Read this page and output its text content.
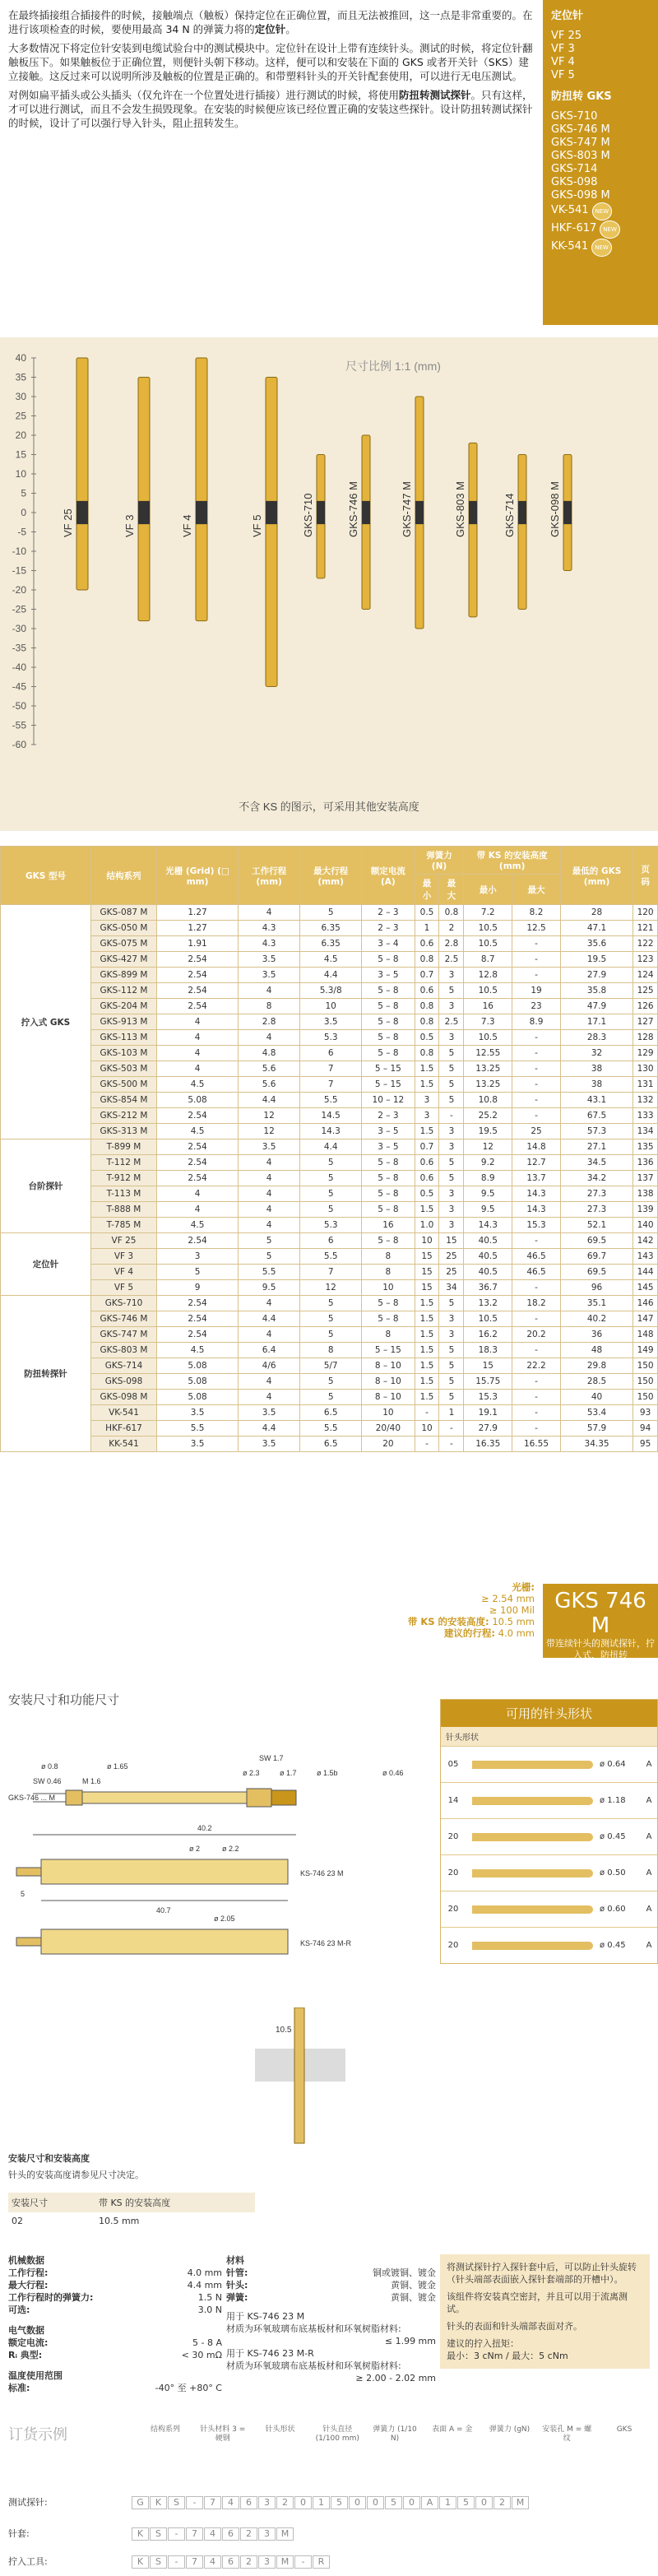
在最终插接组合插接件的时候，接触端点（触板）保持定位在正确位置，而且无法被推回，这一点是非常重要的。在进行该项检查的时候，要使用最高 34 N 的弹簧力将的定位针。

大多数情况下将定位针安装到电缆试验台中的测试模块中。定位针在设计上带有连续针头。测试的时候，将定位针翻触板压下。如果触板位于正确位置，则便针头朝下移动。这样，便可以和安装在下面的 GKS 或者开关针（SKS）建立接触。这反过来可以说明所涉及触板的位置是正确的。和带塑料针头的开关针配套使用，可以进行无电压测试。

对例如扁平插头或公头插头（仅允许在一个位置处进行插接）进行测试的时候，将使用防扭转测试探针。只有这样，才可以进行测试，而且不会发生损毁现象。在安装的时候便应该已经位置正确的安装这些探针。设计防扭转测试探针的时候，设计了可以强行导入针头，阻止扭转发生。

定位针
VF 25
VF 3
VF 4
VF 5
防扭转 GKS
GKS-710
GKS-746 M
GKS-747 M
GKS-803 M
GKS-714
GKS-098
GKS-098 M
VK-541 NEW
HKF-617 NEW
KK-541 NEW
尺寸比例 1:1 (mm)
40
35
30
25
20
15
10
5
0
-5
-10
-15
-20
-25
-30
-35
-40
-45
-50
-55
-60
VF 25	VF 3	VF 4	VF 5	GKS-710	GKS-746 M	GKS-747 M	GKS-803 M	GKS-714	GKS-098 M
不含 KS 的图示，可采用其他安装高度
GKS 型号	结构系列	光栅 (Grid) (□ mm)	工作行程 (mm)	最大行程 (mm)	额定电流 (A)	弹簧力 (N)		带 KS 的安装高度 (mm)		最低的 GKS (mm)	页码
						最小	最大	最小	最大		
拧入式 GKS	GKS-087 M	1.27	4	5	2 – 3	0.5	0.8	7.2	8.2	28	120
	GKS-050 M	1.27	4.3	6.35	2 – 3	1	2	10.5	12.5	47.1	121
	GKS-075 M	1.91	4.3	6.35	3 – 4	0.6	2.8	10.5	-	35.6	122
	GKS-427 M	2.54	3.5	4.5	5 – 8	0.8	2.5	8.7	-	19.5	123
	GKS-899 M	2.54	3.5	4.4	3 – 5	0.7	3	12.8	-	27.9	124
	GKS-112 M	2.54	4	5.3/8	5 – 8	0.6	5	10.5	19	35.8	125
	GKS-204 M	2.54	8	10	5 – 8	0.8	3	16	23	47.9	126
	GKS-913 M	4	2.8	3.5	5 – 8	0.8	2.5	7.3	8.9	17.1	127
	GKS-113 M	4	4	5.3	5 – 8	0.5	3	10.5	-	28.3	128
	GKS-103 M	4	4.8	6	5 – 8	0.8	5	12.55	-	32	129
	GKS-503 M	4	5.6	7	5 – 15	1.5	5	13.25	-	38	130
	GKS-500 M	4.5	5.6	7	5 – 15	1.5	5	13.25	-	38	131
	GKS-854 M	5.08	4.4	5.5	10 – 12	3	5	10.8	-	43.1	132
	GKS-212 M	2.54	12	14.5	2 – 3	3	-	25.2	-	67.5	133
	GKS-313 M	4.5	12	14.3	3 – 5	1.5	3	19.5	25	57.3	134
台阶探针	T-899 M	2.54	3.5	4.4	3 – 5	0.7	3	12	14.8	27.1	135
	T-112 M	2.54	4	5	5 – 8	0.6	5	9.2	12.7	34.5	136
	T-912 M	2.54	4	5	5 – 8	0.6	5	8.9	13.7	34.2	137
	T-113 M	4	4	5	5 – 8	0.5	3	9.5	14.3	27.3	138
	T-888 M	4	4	5	5 – 8	1.5	3	9.5	14.3	27.3	139
	T-785 M	4.5	4	5.3	16	1.0	3	14.3	15.3	52.1	140
定位针	VF 25	2.54	5	6	5 – 8	10	15	40.5	-	69.5	142
	VF 3	3	5	5.5	8	15	25	40.5	46.5	69.7	143
	VF 4	5	5.5	7	8	15	25	40.5	46.5	69.5	144
	VF 5	9	9.5	12	10	15	34	36.7	-	96	145
防扭转探针	GKS-710	2.54	4	5	5 – 8	1.5	5	13.2	18.2	35.1	146
	GKS-746 M	2.54	4.4	5	5 – 8	1.5	3	10.5	-	40.2	147
	GKS-747 M	2.54	4	5	8	1.5	3	16.2	20.2	36	148
	GKS-803 M	4.5	6.4	8	5 – 15	1.5	5	18.3	-	48	149
	GKS-714	5.08	4/6	5/7	8 – 10	1.5	5	15	22.2	29.8	150
	GKS-098	5.08	4	5	8 – 10	1.5	5	15.75	-	28.5	150
	GKS-098 M	5.08	4	5	8 – 10	1.5	5	15.3	-	40	150
	VK-541	3.5	3.5	6.5	10	-	1	19.1	-	53.4	93
	HKF-617	5.5	4.4	5.5	20/40	10	-	27.9	-	57.9	94
	KK-541	3.5	3.5	6.5	20	-	-	16.35	16.55	34.35	95
GKS 746 M
带连续针头的测试探针，拧入式，防扭转
光栅:
≥ 2.54 mm
≥ 100 Mil
带 KS 的安装高度: 10.5 mm
建议的行程: 4.0 mm
安装尺寸和功能尺寸
ø 0.8	ø 1.65
SW 1.7
ø 2.3	ø 1.7	ø 1.5b	ø 0.46
M 1.6
SW 0.46
GKS-746 ... M
40.2
ø 2	ø 2.2
5
40.7
KS-746 23 M
ø 2.05
KS-746 23 M-R
可用的针头形状
针头形状
05	ø 0.64	A
14	ø 1.18	A
20	ø 0.45	A
20	ø 0.50	A
20	ø 0.60	A
20	ø 0.45	A
10.5
安装尺寸和安装高度
针头的安装高度请参见尺寸决定。
安装尺寸	带 KS 的安装高度
02	10.5 mm
机械数据
工作行程:	4.0 mm
最大行程:	4.4 mm
工作行程时的弹簧力:	1.5 N
可选:	3.0 N
电气数据
额定电流:	5 - 8 A
Rᵢ 典型:	< 30 mΩ
温度使用范围
标准:	-40° 至 +80° C
材料
针管:	铜或镀铜、镀金
针头:	黄铜、镀金
弹簧:	黄铜、镀金
用于 KS-746 23 M
材质为环氧玻璃布底基板材和环氧树脂材料:
≤ 1.99 mm
用于 KS-746 23 M-R
材质为环氧玻璃布底基板材和环氧树脂材料:
≥ 2.00 - 2.02 mm
将测试探针拧入探针套中后，可以防止针头旋转（针头端部表面嵌入探针套端部的开槽中）。
该组件将安装真空密封，并且可以用于流离测试。
针头的表面和针头端部表面对齐。
建议的拧入扭矩：
最小：3 cNm / 最大：5 cNm
订货示例	结构系列	针头材料 3 = 硬钢
针头形状	针头直径 (1/100 mm)
弹簧力 (1/10 N)
表面 A = 金	弹簧力 (gN)	安装孔 M = 螺纹
GKS
测试探针:	G K S - 7 4 6 3 2 0 1 5 0 0 5 0 A 1 5 0 2 M
针套:	K S - 7 4 6 2 3 M
拧入工具:	K S - 7 4 6 2 3 M - R
